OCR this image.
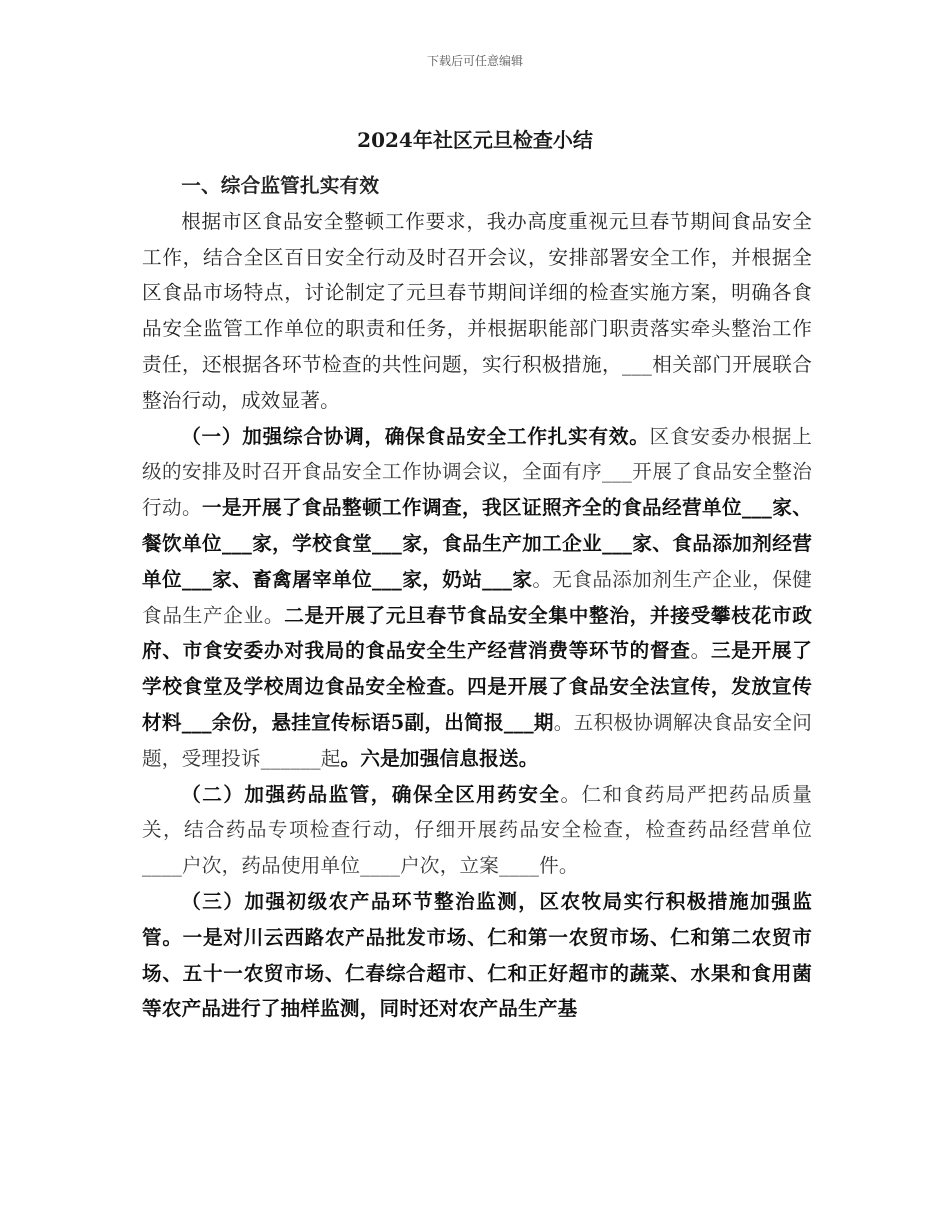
下载后可任意编辑
2024年社区元旦检查小结

一、综合监管扎实有效

根据市区食品安全整顿工作要求，我办高度重视元旦春节期间食品安全工作，结合全区百日安全行动及时召开会议，安排部署安全工作，并根据全区食品市场特点，讨论制定了元旦春节期间详细的检查实施方案，明确各食品安全监管工作单位的职责和任务，并根据职能部门职责落实牵头整治工作责任，还根据各环节检查的共性问题，实行积极措施，___相关部门开展联合整治行动，成效显著。

（一）加强综合协调，确保食品安全工作扎实有效。区食安委办根据上级的安排及时召开食品安全工作协调会议，全面有序___开展了食品安全整治行动。一是开展了食品整顿工作调查，我区证照齐全的食品经营单位___家、餐饮单位___家，学校食堂___家，食品生产加工企业___家、食品添加剂经营单位___家、畜禽屠宰单位___家，奶站___家。无食品添加剂生产企业，保健食品生产企业。二是开展了元旦春节食品安全集中整治，并接受攀枝花市政府、市食安委办对我局的食品安全生产经营消费等环节的督查。三是开展了学校食堂及学校周边食品安全检查。四是开展了食品安全法宣传，发放宣传材料___余份，悬挂宣传标语5副，出简报___期。五积极协调解决食品安全问题，受理投诉______起。六是加强信息报送。

（二）加强药品监管，确保全区用药安全。仁和食药局严把药品质量关，结合药品专项检查行动，仔细开展药品安全检查，检查药品经营单位____户次，药品使用单位____户次，立案____件。

（三）加强初级农产品环节整治监测，区农牧局实行积极措施加强监管。一是对川云西路农产品批发市场、仁和第一农贸市场、仁和第二农贸市场、五十一农贸市场、仁春综合超市、仁和正好超市的蔬菜、水果和食用菌等农产品进行了抽样监测，同时还对农产品生产基
